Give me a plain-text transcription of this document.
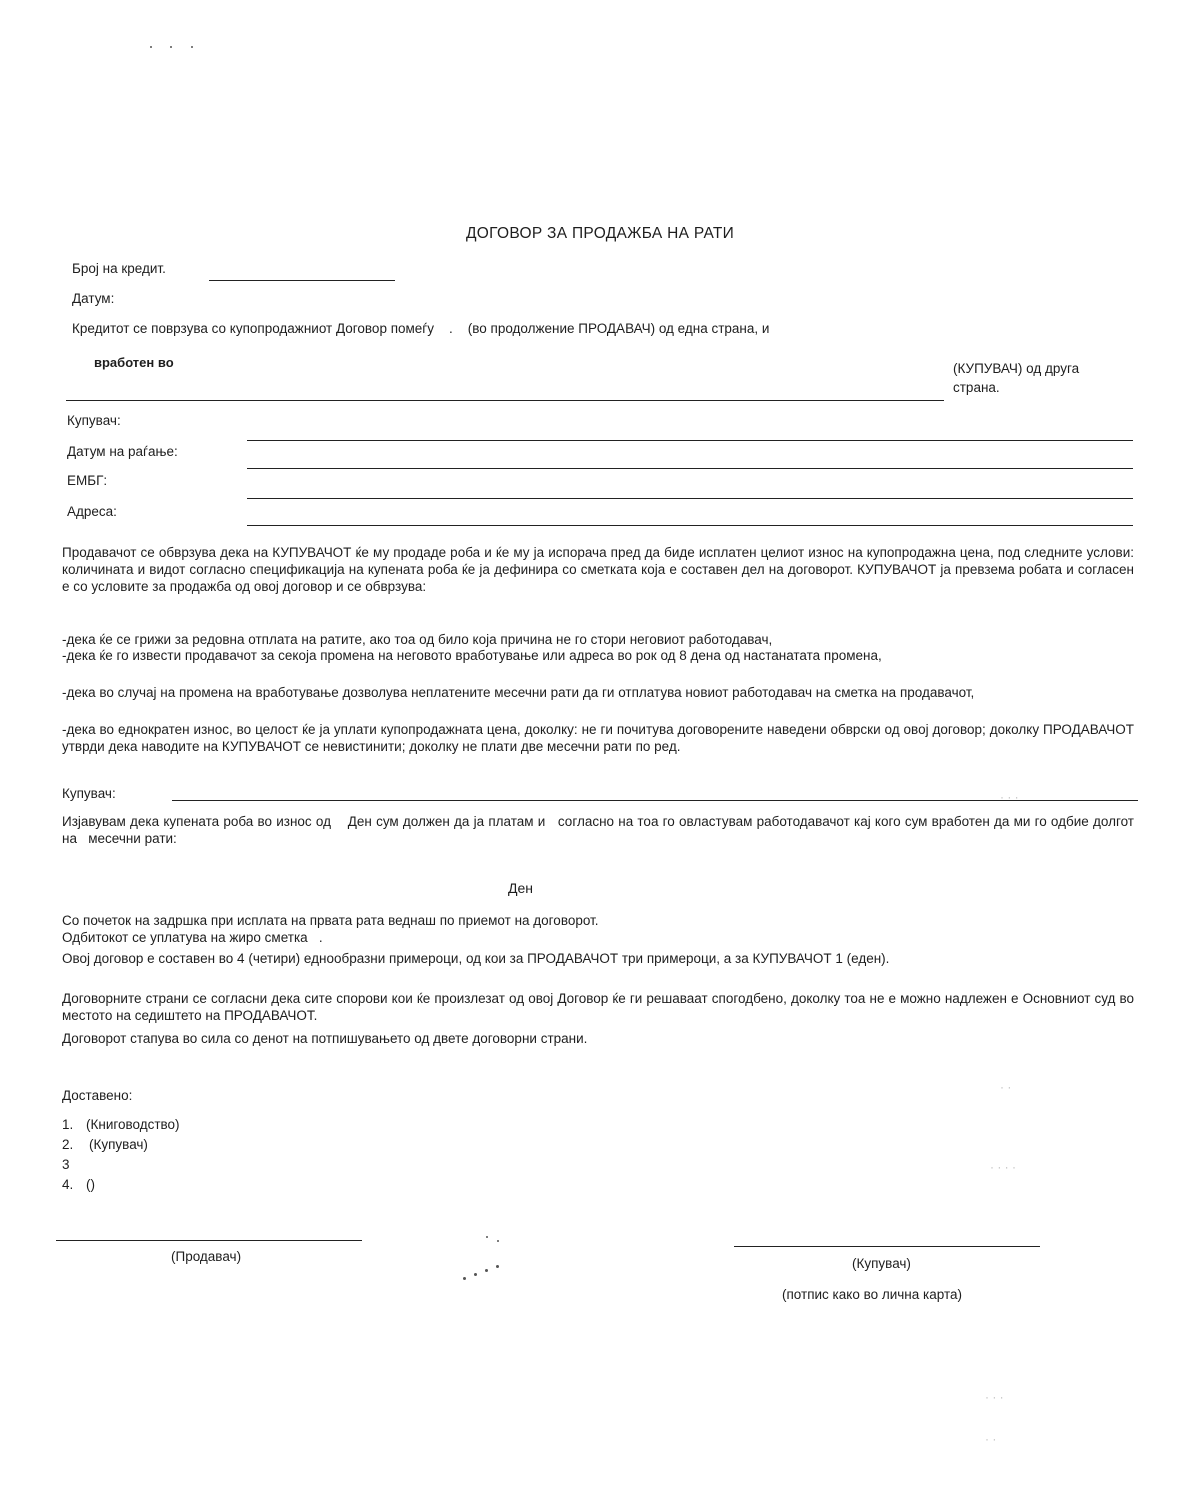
ДОГОВОР ЗА ПРОДАЖБА НА РАТИ
Број на кредит.
Датум:
Кредитот се поврзува со купопродажниот Договор помеѓу    .    (во продолжение ПРОДАВАЧ) од една страна, и
вработен во	(КУПУВАЧ) од друга
страна.
Купувач:
Датум на раѓање:
ЕМБГ:
Адреса:
Продавачот се обврзува дека на КУПУВАЧОТ ќе му продаде роба и ќе му ја испорача пред да биде исплатен целиот износ на купопродажна цена, под следните услови: количината и видот согласно спецификација на купената роба ќе ја дефинира со сметката која е составен дел на договорот. КУПУВАЧОТ ја превзема робата и согласен е со условите за продажба од овој договор и се обврзува:
-дека ќе се грижи за редовна отплата на ратите, ако тоа од било која причина не го стори неговиот работодавач,
-дека ќе го извести продавачот за секоја промена на неговото вработување или адреса во рок од 8 дена од настанатата промена,
-дека во случај на промена на вработување дозволува неплатените месечни рати да ги отплатува новиот работодавач на сметка на продавачот,
-дека во еднократен износ, во целост ќе ја уплати купопродажната цена, доколку: не ги почитува договорените наведени обврски од овој договор; доколку ПРОДАВАЧОТ утврди дека наводите на КУПУВАЧОТ се невистинити; доколку не плати две месечни рати по ред.
Купувач:
Изјавувам дека купената роба во износ од    Ден сум должен да ја платам и   согласно на тоа го овластувам работодавачот кај кого сум вработен да ми го одбие долгот на   месечни рати:
Ден
Со почеток на задршка при исплата на првата рата веднаш по приемот на договорот.
Одбитокот се уплатува на жиро сметка   .
Овој договор е составен во 4 (четири) еднообразни примероци, од кои за ПРОДАВАЧОТ три примероци, а за КУПУВАЧОТ 1 (еден).
Договорните страни се согласни дека сите спорови кои ќе произлезат од овој Договор ќе ги решаваат спогодбено, доколку тоа не е можно надлежен е Основниот суд во местото на седиштето на ПРОДАВАЧОТ.
Договорот стапува во сила со денот на потпишувањето од двете договорни страни.
Доставено:
1. (Книговодство)
2. (Купувач)
3
4. ()
(Продавач)	(Купувач)
(потпис како во лична карта)
· · ·
· ·
· · · ·
· · ·
· ·
